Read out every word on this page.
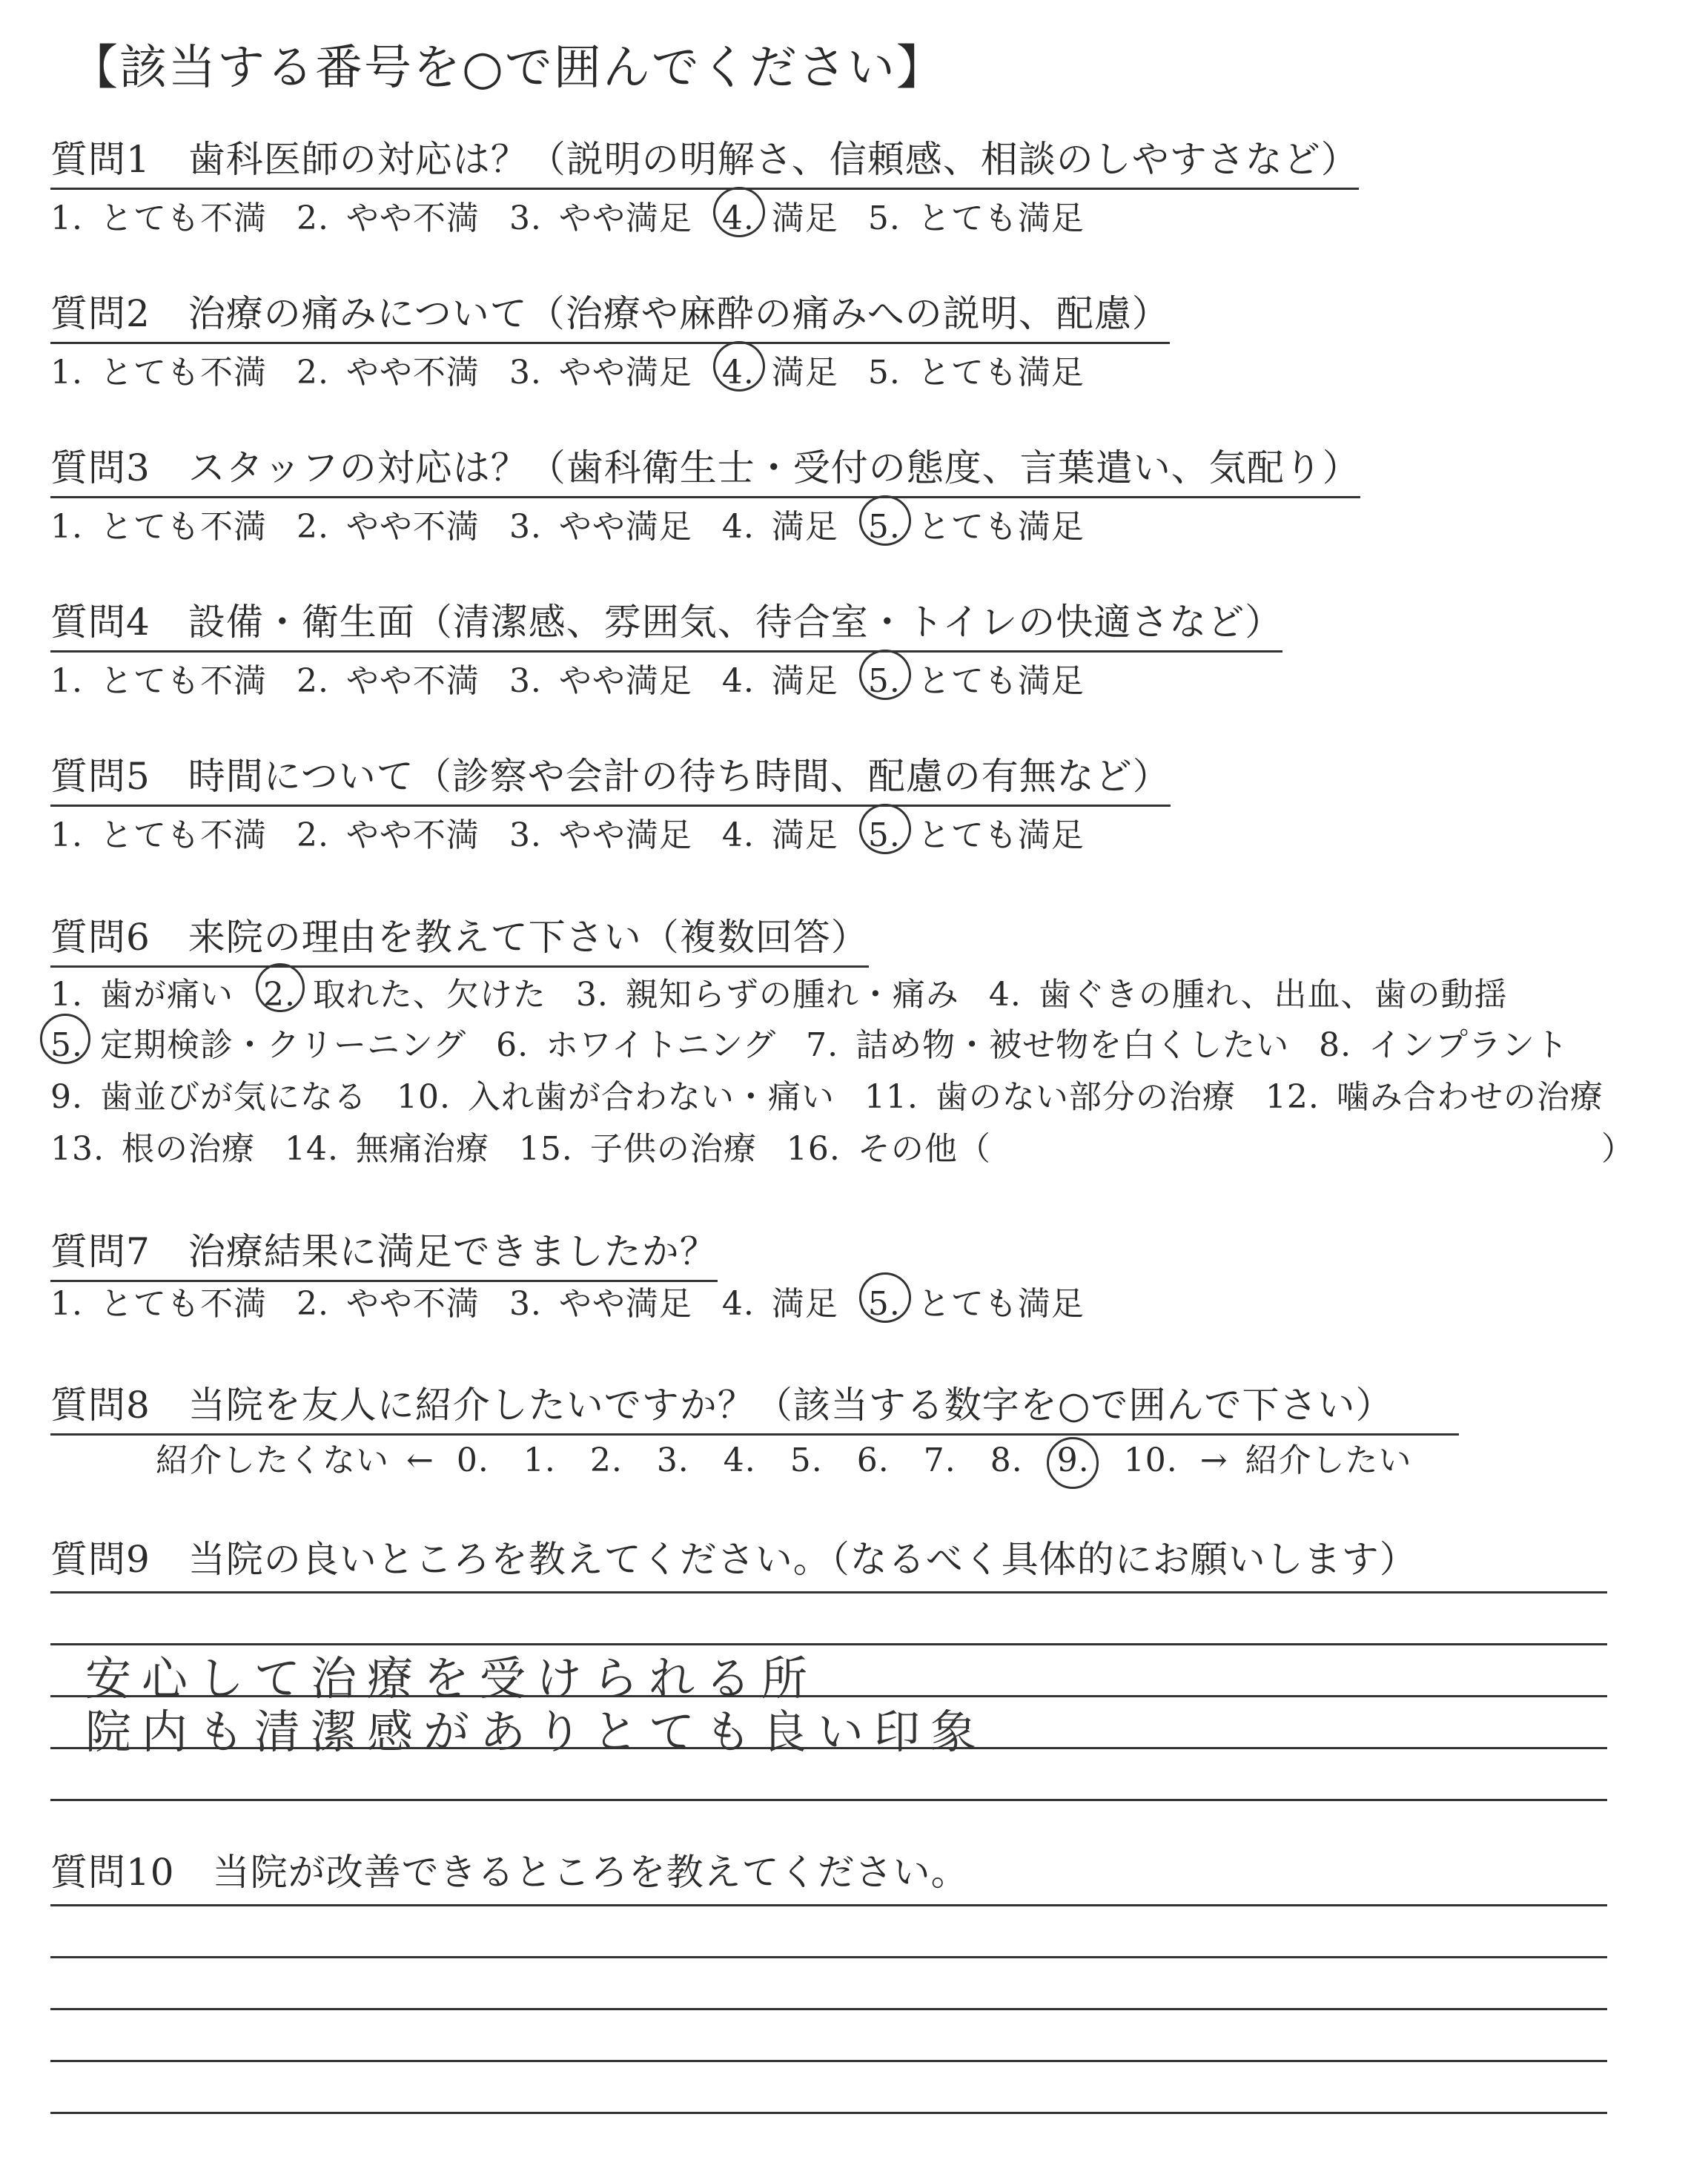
【該当する番号を○で囲んでください】
質問1　歯科医師の対応は？（説明の明解さ、信頼感、相談のしやすさなど）
1. とても不満 2. やや不満 3. やや満足 4. 満足 5. とても満足
質問2　治療の痛みについて（治療や麻酔の痛みへの説明、配慮）
1. とても不満 2. やや不満 3. やや満足 4. 満足 5. とても満足
質問3　スタッフの対応は？（歯科衛生士・受付の態度、言葉遣い、気配り）
1. とても不満 2. やや不満 3. やや満足 4. 満足 5. とても満足
質問4　設備・衛生面（清潔感、雰囲気、待合室・トイレの快適さなど）
1. とても不満 2. やや不満 3. やや満足 4. 満足 5. とても満足
質問5　時間について（診察や会計の待ち時間、配慮の有無など）
1. とても不満 2. やや不満 3. やや満足 4. 満足 5. とても満足
質問6　来院の理由を教えて下さい（複数回答）
1. 歯が痛い 2. 取れた、欠けた 3. 親知らずの腫れ・痛み 4. 歯ぐきの腫れ、出血、歯の動揺
5. 定期検診・クリーニング 6. ホワイトニング 7. 詰め物・被せ物を白くしたい 8. インプラント
9. 歯並びが気になる 10. 入れ歯が合わない・痛い 11. 歯のない部分の治療 12. 噛み合わせの治療
13. 根の治療 14. 無痛治療 15. 子供の治療 16. その他（	）
質問7　治療結果に満足できましたか？
1. とても不満 2. やや不満 3. やや満足 4. 満足 5. とても満足
質問8　当院を友人に紹介したいですか？（該当する数字を○で囲んで下さい）
紹介したくない ← 0. 1. 2. 3. 4. 5. 6. 7. 8. 9. 10. → 紹介したい
質問9　当院の良いところを教えてください。（なるべく具体的にお願いします）
安心して治療を受けられる所
院内も清潔感がありとても良い印象
質問10　当院が改善できるところを教えてください。
